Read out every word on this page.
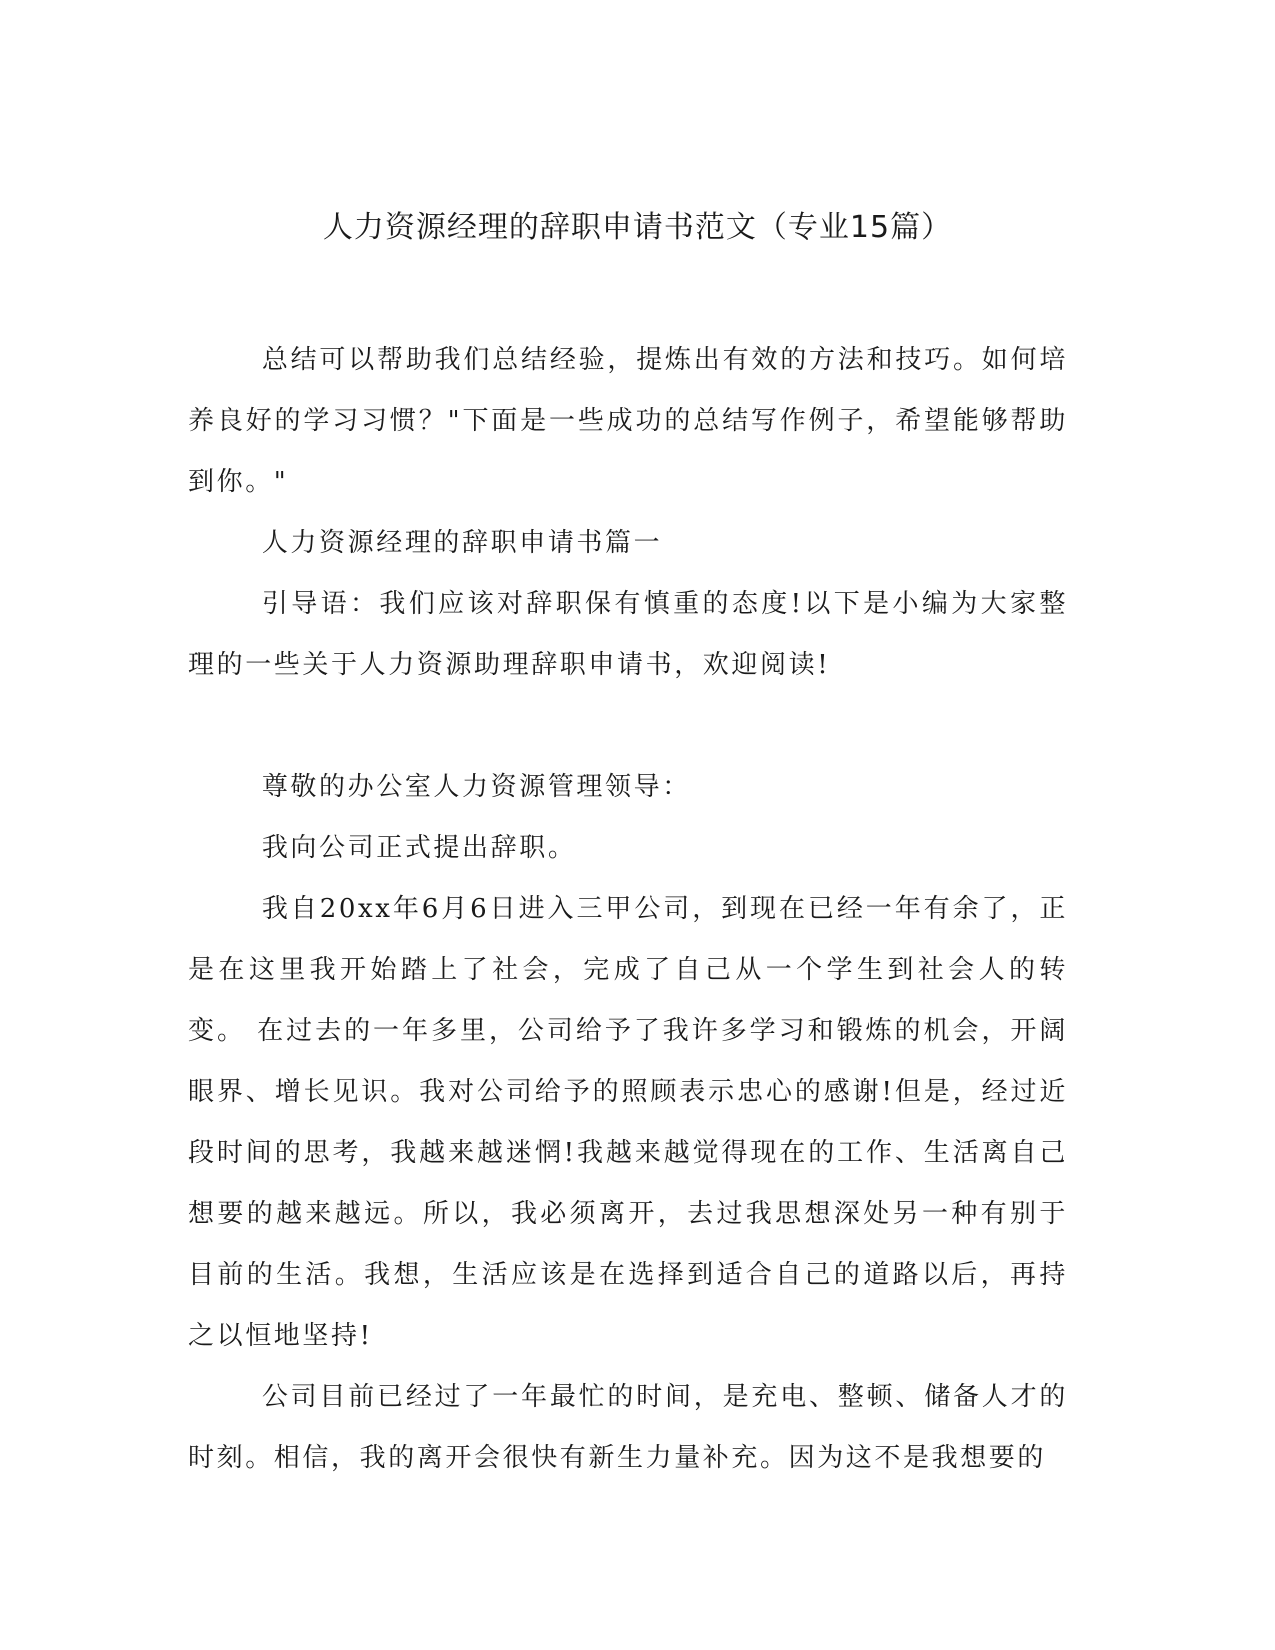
人力资源经理的辞职申请书范文（专业15篇）

总结可以帮助我们总结经验，提炼出有效的方法和技巧。如何培养良好的学习习惯？"下面是一些成功的总结写作例子，希望能够帮助到你。"

人力资源经理的辞职申请书篇一

引导语：我们应该对辞职保有慎重的态度!以下是小编为大家整理的一些关于人力资源助理辞职申请书，欢迎阅读!

尊敬的办公室人力资源管理领导：

我向公司正式提出辞职。

我自20xx年6月6日进入三甲公司，到现在已经一年有余了，正是在这里我开始踏上了社会，完成了自己从一个学生到社会人的转变。 在过去的一年多里，公司给予了我许多学习和锻炼的机会，开阔眼界、增长见识。我对公司给予的照顾表示忠心的感谢!但是，经过近段时间的思考，我越来越迷惘!我越来越觉得现在的工作、生活离自己想要的越来越远。所以，我必须离开，去过我思想深处另一种有别于目前的生活。我想，生活应该是在选择到适合自己的道路以后，再持之以恒地坚持!

公司目前已经过了一年最忙的时间，是充电、整顿、储备人才的时刻。相信，我的离开会很快有新生力量补充。因为这不是我想要的
